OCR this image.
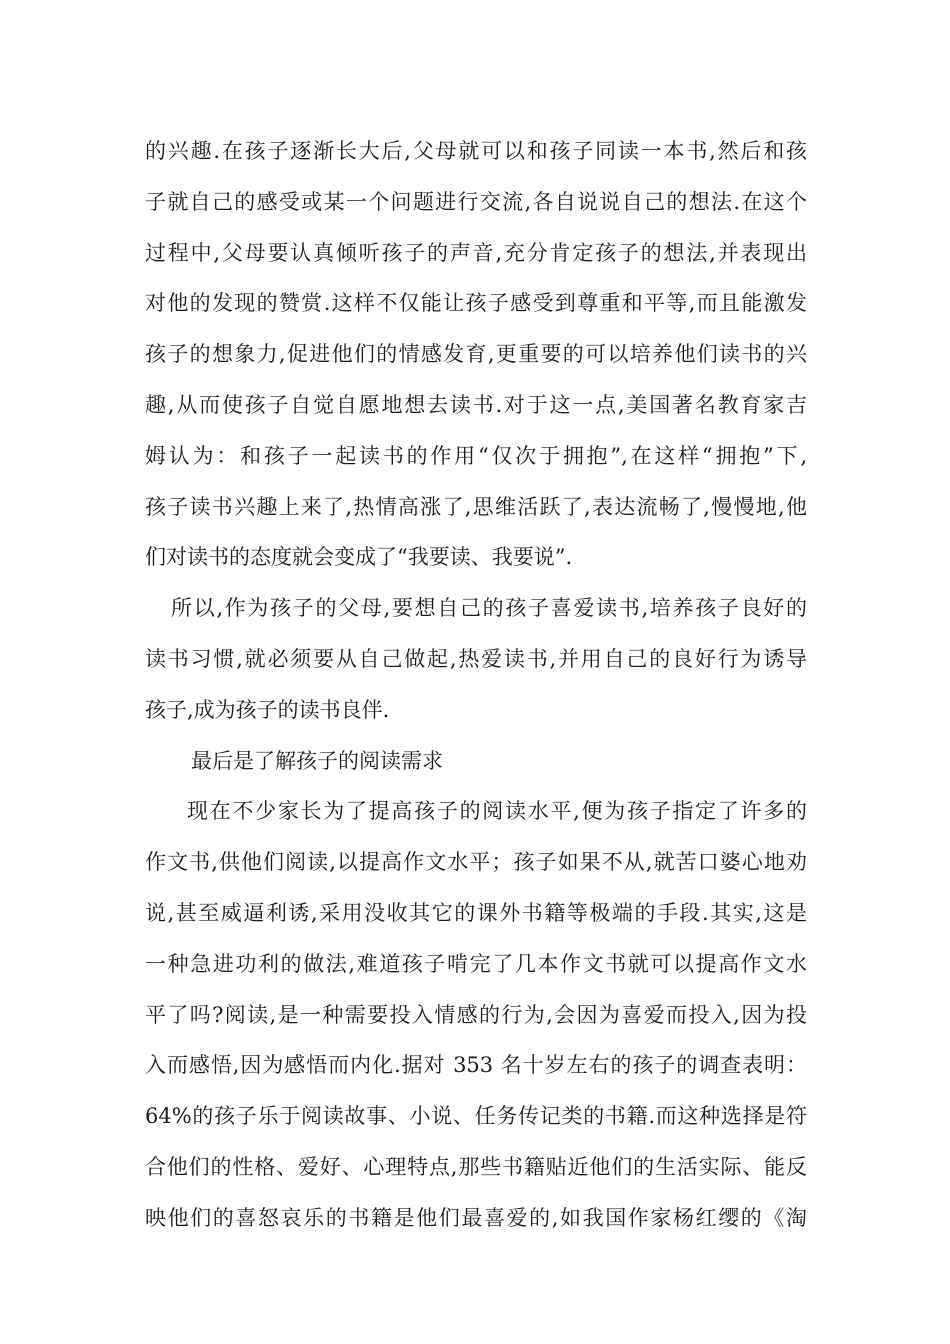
的兴趣.在孩子逐渐长大后,父母就可以和孩子同读一本书,然后和孩
子就自己的感受或某一个问题进行交流,各自说说自己的想法.在这个
过程中,父母要认真倾听孩子的声音,充分肯定孩子的想法,并表现出
对他的发现的赞赏.这样不仅能让孩子感受到尊重和平等,而且能激发
孩子的想象力,促进他们的情感发育,更重要的可以培养他们读书的兴
趣,从而使孩子自觉自愿地想去读书.对于这一点,美国著名教育家吉
姆认为：和孩子一起读书的作用“仅次于拥抱”,在这样“拥抱”下,
孩子读书兴趣上来了,热情高涨了,思维活跃了,表达流畅了,慢慢地,他
们对读书的态度就会变成了“我要读、我要说”.
所以,作为孩子的父母,要想自己的孩子喜爱读书,培养孩子良好的
读书习惯,就必须要从自己做起,热爱读书,并用自己的良好行为诱导
孩子,成为孩子的读书良伴.
最后是了解孩子的阅读需求
现在不少家长为了提高孩子的阅读水平,便为孩子指定了许多的
作文书,供他们阅读,以提高作文水平；孩子如果不从,就苦口婆心地劝
说,甚至威逼利诱,采用没收其它的课外书籍等极端的手段.其实,这是
一种急进功利的做法,难道孩子啃完了几本作文书就可以提高作文水
平了吗?阅读,是一种需要投入情感的行为,会因为喜爱而投入,因为投
入而感悟,因为感悟而内化.据对 353 名十岁左右的孩子的调查表明：
64%的孩子乐于阅读故事、小说、任务传记类的书籍.而这种选择是符
合他们的性格、爱好、心理特点,那些书籍贴近他们的生活实际、能反
映他们的喜怒哀乐的书籍是他们最喜爱的,如我国作家杨红缨的《淘
